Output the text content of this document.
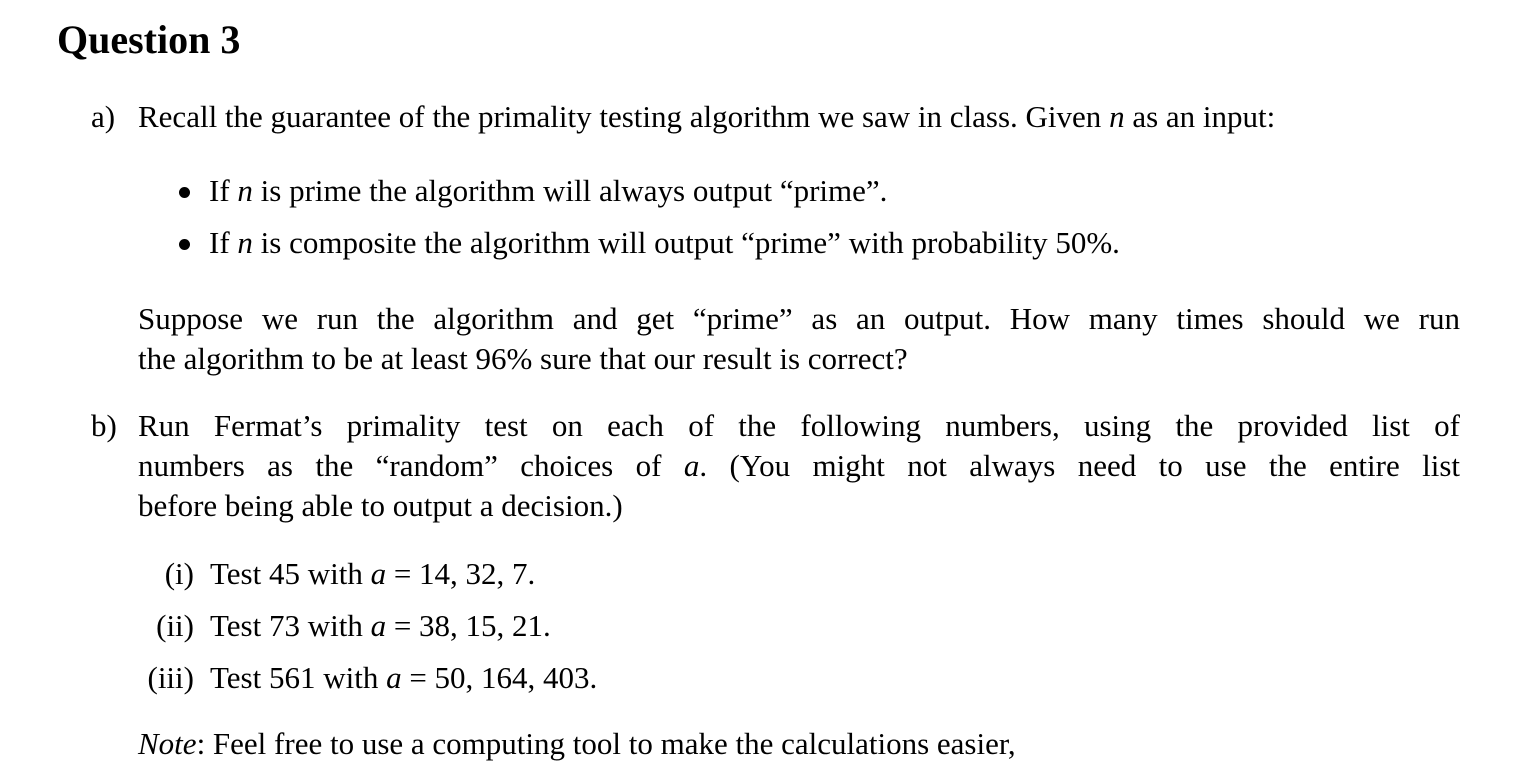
Question 3
a) Recall the guarantee of the primality testing algorithm we saw in class. Given n as an input:
If n is prime the algorithm will always output “prime”.
If n is composite the algorithm will output “prime” with probability 50%.
Suppose we run the algorithm and get “prime” as an output. How many times should we run
the algorithm to be at least 96% sure that our result is correct?
b) Run Fermat’s primality test on each of the following numbers, using the provided list of
numbers as the “random” choices of a. (You might not always need to use the entire list
before being able to output a decision.)
(i) Test 45 with a = 14, 32, 7.
(ii) Test 73 with a = 38, 15, 21.
(iii) Test 561 with a = 50, 164, 403.
Note: Feel free to use a computing tool to make the calculations easier,
